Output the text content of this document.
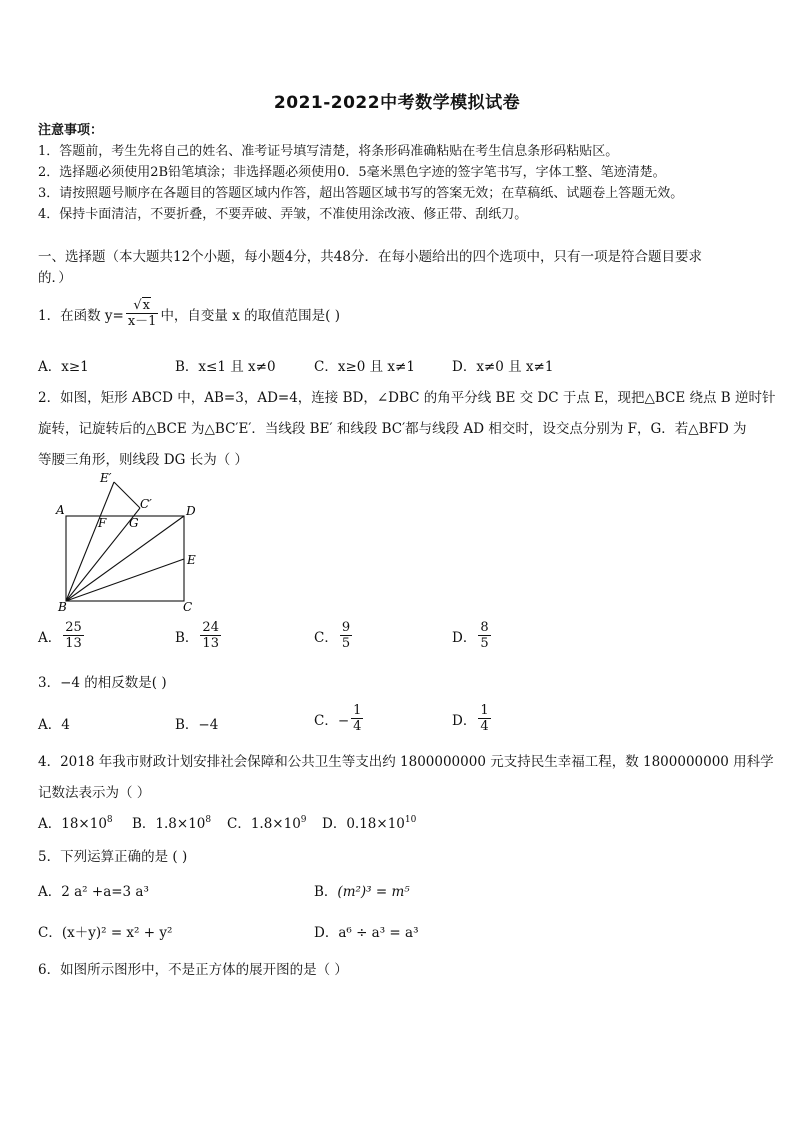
2021-2022中考数学模拟试卷
注意事项：
1．答题前，考生先将自己的姓名、准考证号填写清楚，将条形码准确粘贴在考生信息条形码粘贴区。
2．选择题必须使用2B铅笔填涂；非选择题必须使用0．5毫米黑色字迹的签字笔书写，字体工整、笔迹清楚。
3．请按照题号顺序在各题目的答题区域内作答，超出答题区域书写的答案无效；在草稿纸、试题卷上答题无效。
4．保持卡面清洁，不要折叠，不要弄破、弄皱，不准使用涂改液、修正带、刮纸刀。
一、选择题（本大题共12个小题，每小题4分，共48分．在每小题给出的四个选项中，只有一项是符合题目要求
的．）
1．在函数 $y= \frac{√x}{x-1}$ 中，自变量 x 的取值范围是( )
A．x≥1	B．x≤1 且 x≠0	C．x≥0 且 x≠1	D．x≠0 且 x≠1
2．如图，矩形 ABCD 中，AB=3，AD=4，连接 BD，∠DBC 的角平分线 BE 交 DC 于点 E，现把△BCE 绕点 B 逆时针
旋转，记旋转后的△BCE 为△BC′E′．当线段 BE′ 和线段 BC′都与线段 AD 相交时，设交点分别为 F，G．若△BFD 为
等腰三角形，则线段 DG 长为（ ）
A
B	C
D
E
E′
C′
F G
A． $\frac{25}{13}$	B． $\frac{24}{13}$	C． $\frac{9}{5}$	D． $\frac{8}{5}$
3．−4 的相反数是( )
A．4	B．−4	C．− $\frac{1}{4}$	D． $\frac{1}{4}$
4．2018 年我市财政计划安排社会保障和公共卫生等支出约 1800000000 元支持民生幸福工程，数 1800000000 用科学
记数法表示为（ ）
A．$18\times 10^8$ B．$1.8\times 10^8$ C．$1.8\times 10^9$ D．$0.18\times 10^{10}$
5．下列运算正确的是 ( )
A．2 a² +a=3 a³	B．(m²)³ = m⁵
C．(x＋y)² = x² + y²	D．a⁶ ÷ a³ = a³
6．如图所示图形中，不是正方体的展开图的是（ ）
